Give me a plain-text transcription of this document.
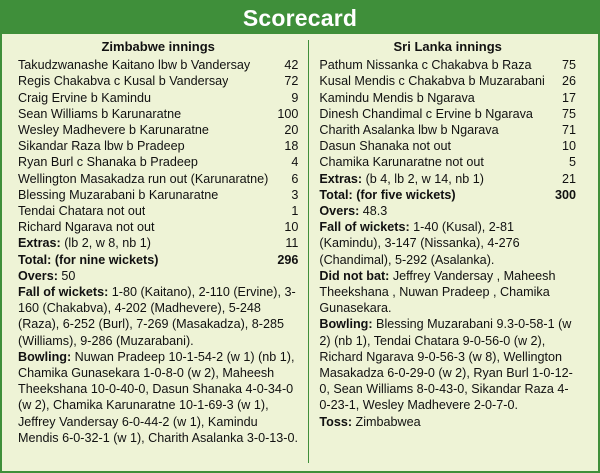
Scorecard
Zimbabwe innings
Takudzwanashe Kaitano lbw b Vandersay	42
Regis Chakabva c Kusal b Vandersay	72
Craig Ervine b Kamindu	9
Sean Williams b Karunaratne	100
Wesley Madhevere b Karunaratne	20
Sikandar Raza lbw b Pradeep	18
Ryan Burl c Shanaka b Pradeep	4
Wellington Masakadza run out (Karunaratne)	6
Blessing Muzarabani b Karunaratne	3
Tendai Chatara not out	1
Richard Ngarava not out	10
Extras: (lb 2, w 8, nb 1)	11
Total: (for nine wickets)	296

Overs: 50

Fall of wickets: 1-80 (Kaitano), 2-110 (Ervine), 3-160 (Chakabva), 4-202 (Madhevere), 5-248 (Raza), 6-252 (Burl), 7-269 (Masakadza), 8-285 (Williams), 9-286 (Muzarabani).

Bowling: Nuwan Pradeep 10-1-54-2 (w 1) (nb 1), Chamika Gunasekara 1-0-8-0 (w 2), Maheesh Theekshana 10-0-40-0, Dasun Shanaka 4-0-34-0 (w 2), Chamika Karunaratne 10-1-69-3 (w 1), Jeffrey Vandersay 6-0-44-2 (w 1), Kamindu Mendis 6-0-32-1 (w 1), Charith Asalanka 3-0-13-0.

Sri Lanka innings
Pathum Nissanka c Chakabva b Raza	75
Kusal Mendis c Chakabva b Muzarabani	26
Kamindu Mendis b Ngarava	17
Dinesh Chandimal c Ervine b Ngarava	75
Charith Asalanka lbw b Ngarava	71
Dasun Shanaka not out	10
Chamika Karunaratne not out	5
Extras: (b 4, lb 2, w 14, nb 1)	21
Total: (for five wickets)	300

Overs: 48.3

Fall of wickets: 1-40 (Kusal), 2-81 (Kamindu), 3-147 (Nissanka), 4-276 (Chandimal), 5-292 (Asalanka).

Did not bat: Jeffrey Vandersay , Maheesh Theekshana , Nuwan Pradeep , Chamika Gunasekara.

Bowling: Blessing Muzarabani 9.3-0-58-1 (w 2) (nb 1), Tendai Chatara 9-0-56-0 (w 2), Richard Ngarava 9-0-56-3 (w 8), Wellington Masakadza 6-0-29-0 (w 2), Ryan Burl 1-0-12-0, Sean Williams 8-0-43-0, Sikandar Raza 4-0-23-1, Wesley Madhevere 2-0-7-0.

Toss: Zimbabwea
